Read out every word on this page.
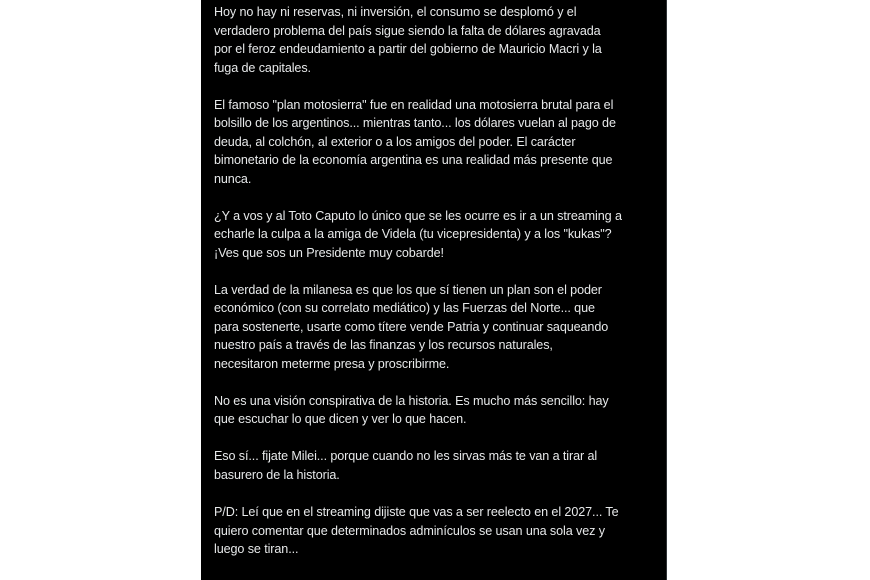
Hoy no hay ni reservas, ni inversión, el consumo se desplomó y el
verdadero problema del país sigue siendo la falta de dólares agravada
por el feroz endeudamiento a partir del gobierno de Mauricio Macri y la
fuga de capitales.

El famoso "plan motosierra" fue en realidad una motosierra brutal para el
bolsillo de los argentinos... mientras tanto... los dólares vuelan al pago de
deuda, al colchón, al exterior o a los amigos del poder. El carácter
bimonetario de la economía argentina es una realidad más presente que
nunca.

¿Y a vos y al Toto Caputo lo único que se les ocurre es ir a un streaming a
echarle la culpa a la amiga de Videla (tu vicepresidenta) y a los "kukas"?
¡Ves que sos un Presidente muy cobarde!

La verdad de la milanesa es que los que sí tienen un plan son el poder
económico (con su correlato mediático) y las Fuerzas del Norte... que
para sostenerte, usarte como títere vende Patria y continuar saqueando
nuestro país a través de las finanzas y los recursos naturales,
necesitaron meterme presa y proscribirme.

No es una visión conspirativa de la historia. Es mucho más sencillo: hay
que escuchar lo que dicen y ver lo que hacen.

Eso sí... fijate Milei... porque cuando no les sirvas más te van a tirar al
basurero de la historia.

P/D: Leí que en el streaming dijiste que vas a ser reelecto en el 2027... Te
quiero comentar que determinados adminículos se usan una sola vez y
luego se tiran...
